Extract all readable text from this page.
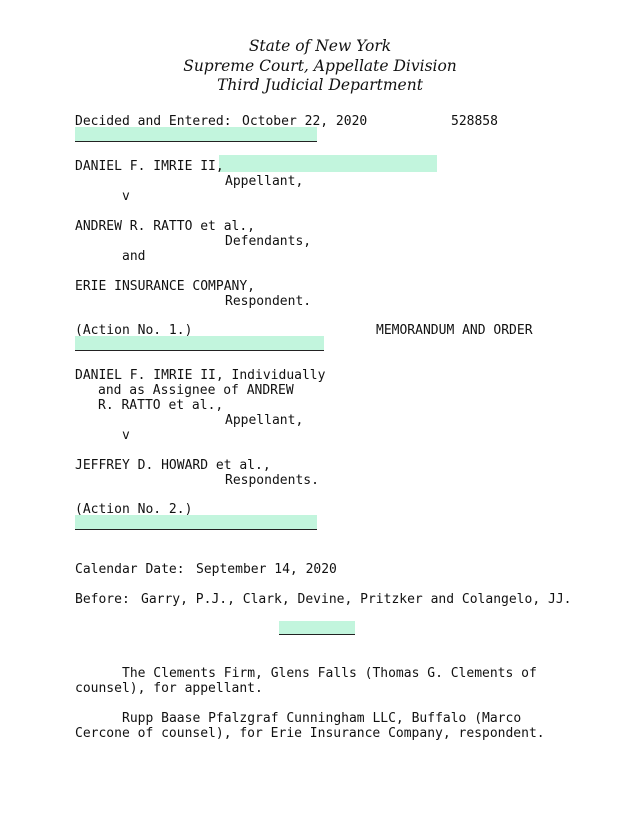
State of New York
Supreme Court, Appellate Division
Third Judicial Department
Decided and Entered: October 22, 2020	528858
DANIEL F. IMRIE II,
Appellant,
v
ANDREW R. RATTO et al.,
Defendants,
and
ERIE INSURANCE COMPANY,
Respondent.
(Action No. 1.)	MEMORANDUM AND ORDER
DANIEL F. IMRIE II, Individually
and as Assignee of ANDREW
R. RATTO et al.,
Appellant,
v
JEFFREY D. HOWARD et al.,
Respondents.
(Action No. 2.)
Calendar Date: September 14, 2020
Before: Garry, P.J., Clark, Devine, Pritzker and Colangelo, JJ.
The Clements Firm, Glens Falls (Thomas G. Clements of
counsel), for appellant.
Rupp Baase Pfalzgraf Cunningham LLC, Buffalo (Marco
Cercone of counsel), for Erie Insurance Company, respondent.
